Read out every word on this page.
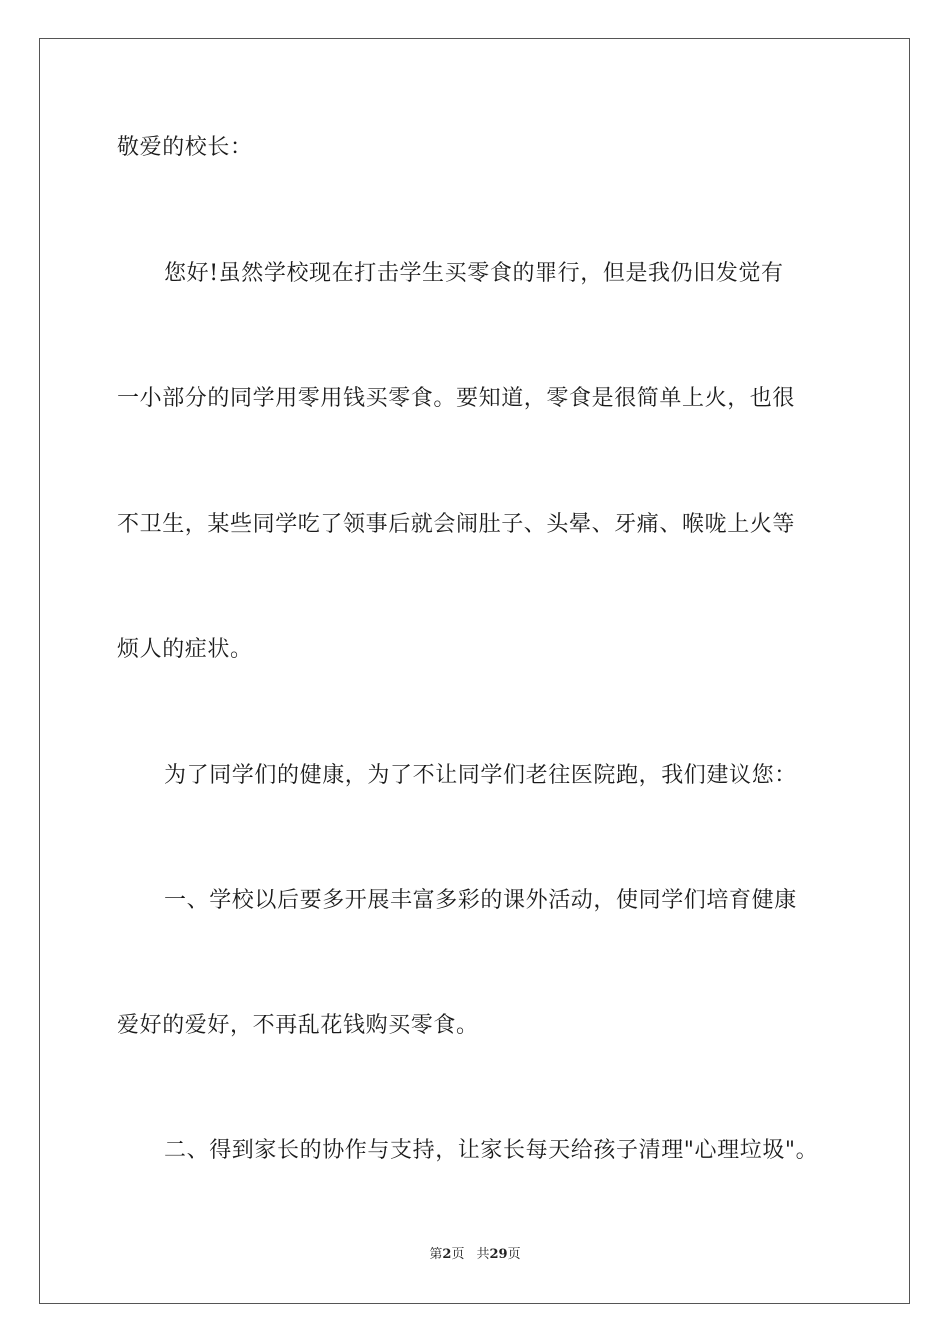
敬爱的校长：
您好!虽然学校现在打击学生买零食的罪行，但是我仍旧发觉有
一小部分的同学用零用钱买零食。要知道，零食是很简单上火，也很
不卫生，某些同学吃了领事后就会闹肚子、头晕、牙痛、喉咙上火等
烦人的症状。
为了同学们的健康，为了不让同学们老往医院跑，我们建议您：
一、学校以后要多开展丰富多彩的课外活动，使同学们培育健康
爱好的爱好，不再乱花钱购买零食。
二、得到家长的协作与支持，让家长每天给孩子清理"心理垃圾"。
第2页 共29页
